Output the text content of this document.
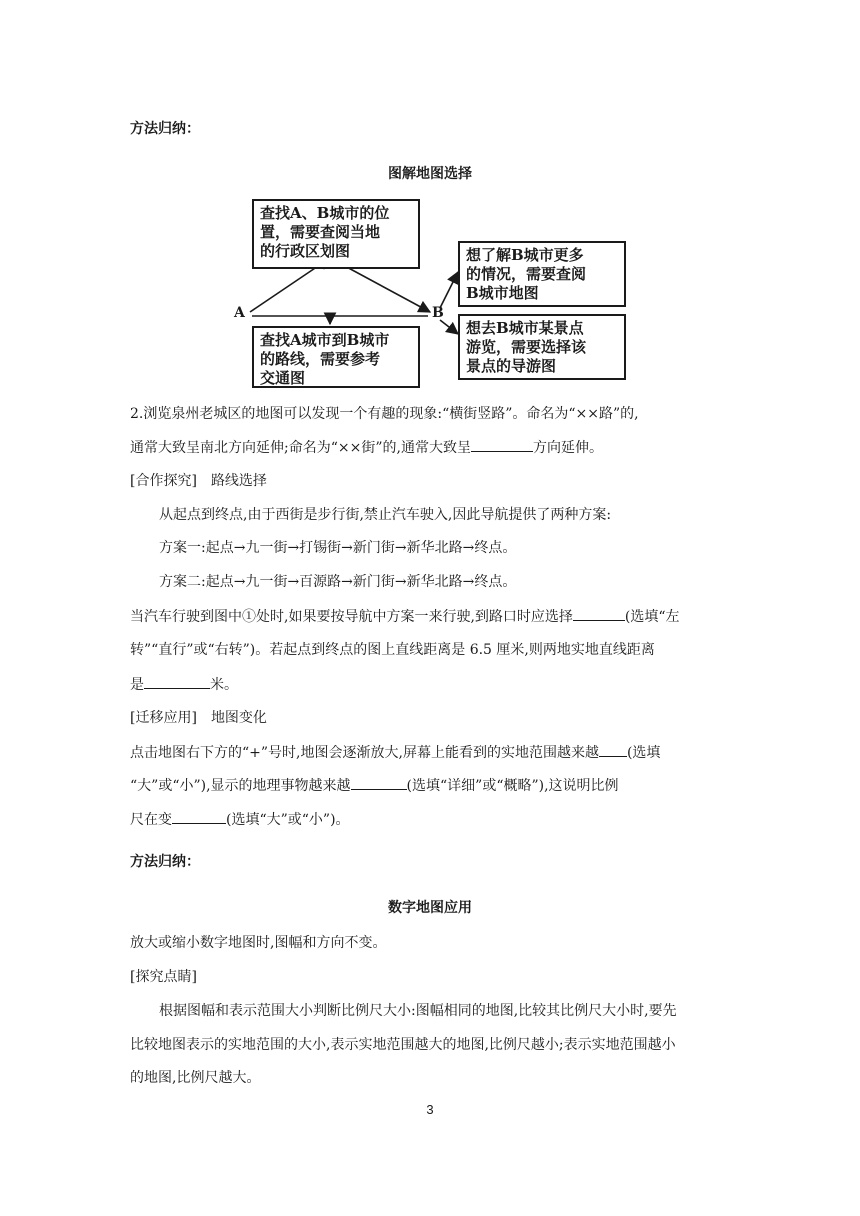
方法归纳：
图解地图选择
查找A、B城市的位
置，需要查阅当地
的行政区划图
查找A城市到B城市
的路线，需要参考
交通图
想了解B城市更多
的情况，需要查阅
B城市地图
想去B城市某景点
游览，需要选择该
景点的导游图
A	B
2.浏览泉州老城区的地图可以发现一个有趣的现象:“横街竖路”。命名为“××路”的,
通常大致呈南北方向延伸;命名为“××街”的,通常大致呈	方向延伸。
[合作探究] 路线选择
从起点到终点,由于西街是步行街,禁止汽车驶入,因此导航提供了两种方案:
方案一:起点→九一街→打锡街→新门街→新华北路→终点。
方案二:起点→九一街→百源路→新门街→新华北路→终点。
当汽车行驶到图中①处时,如果要按导航中方案一来行驶,到路口时应选择	(选填“左
转”“直行”或“右转”)。若起点到终点的图上直线距离是 6.5 厘米,则两地实地直线距离
是	米。
[迁移应用] 地图变化
点击地图右下方的“+”号时,地图会逐渐放大,屏幕上能看到的实地范围越来越 (选填
“大”或“小”),显示的地理事物越来越	(选填“详细”或“概略”),这说明比例
尺在变	(选填“大”或“小”)。
方法归纳：
数字地图应用
放大或缩小数字地图时,图幅和方向不变。
[探究点睛]
根据图幅和表示范围大小判断比例尺大小:图幅相同的地图,比较其比例尺大小时,要先
比较地图表示的实地范围的大小,表示实地范围越大的地图,比例尺越小;表示实地范围越小
的地图,比例尺越大。
3
